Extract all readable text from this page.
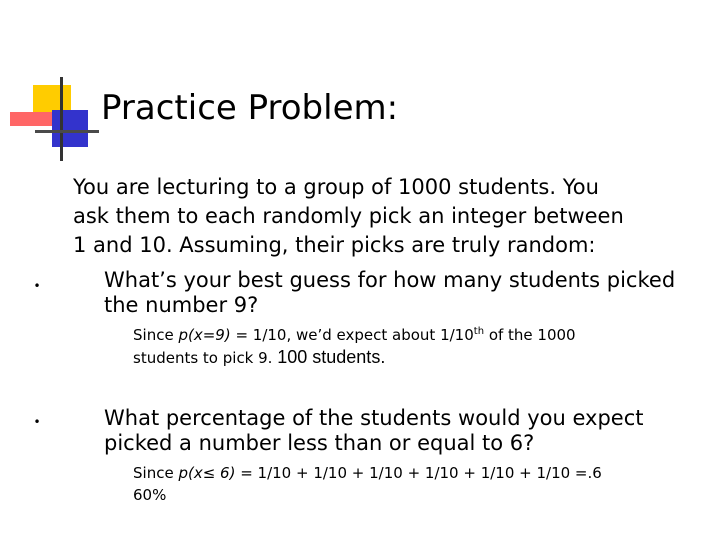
Practice Problem:
You are lecturing to a group of 1000 students. You
ask them to each randomly pick an integer between
1 and 10. Assuming, their picks are truly random:
•	What’s your best guess for how many students picked
the number 9?
Since p(x=9) = 1/10, we’d expect about 1/10th of the 1000
students to pick 9. 100 students.
•	What percentage of the students would you expect
picked a number less than or equal to 6?
Since p(x≤ 6) = 1/10 + 1/10 + 1/10 + 1/10 + 1/10 + 1/10 =.6
60%
